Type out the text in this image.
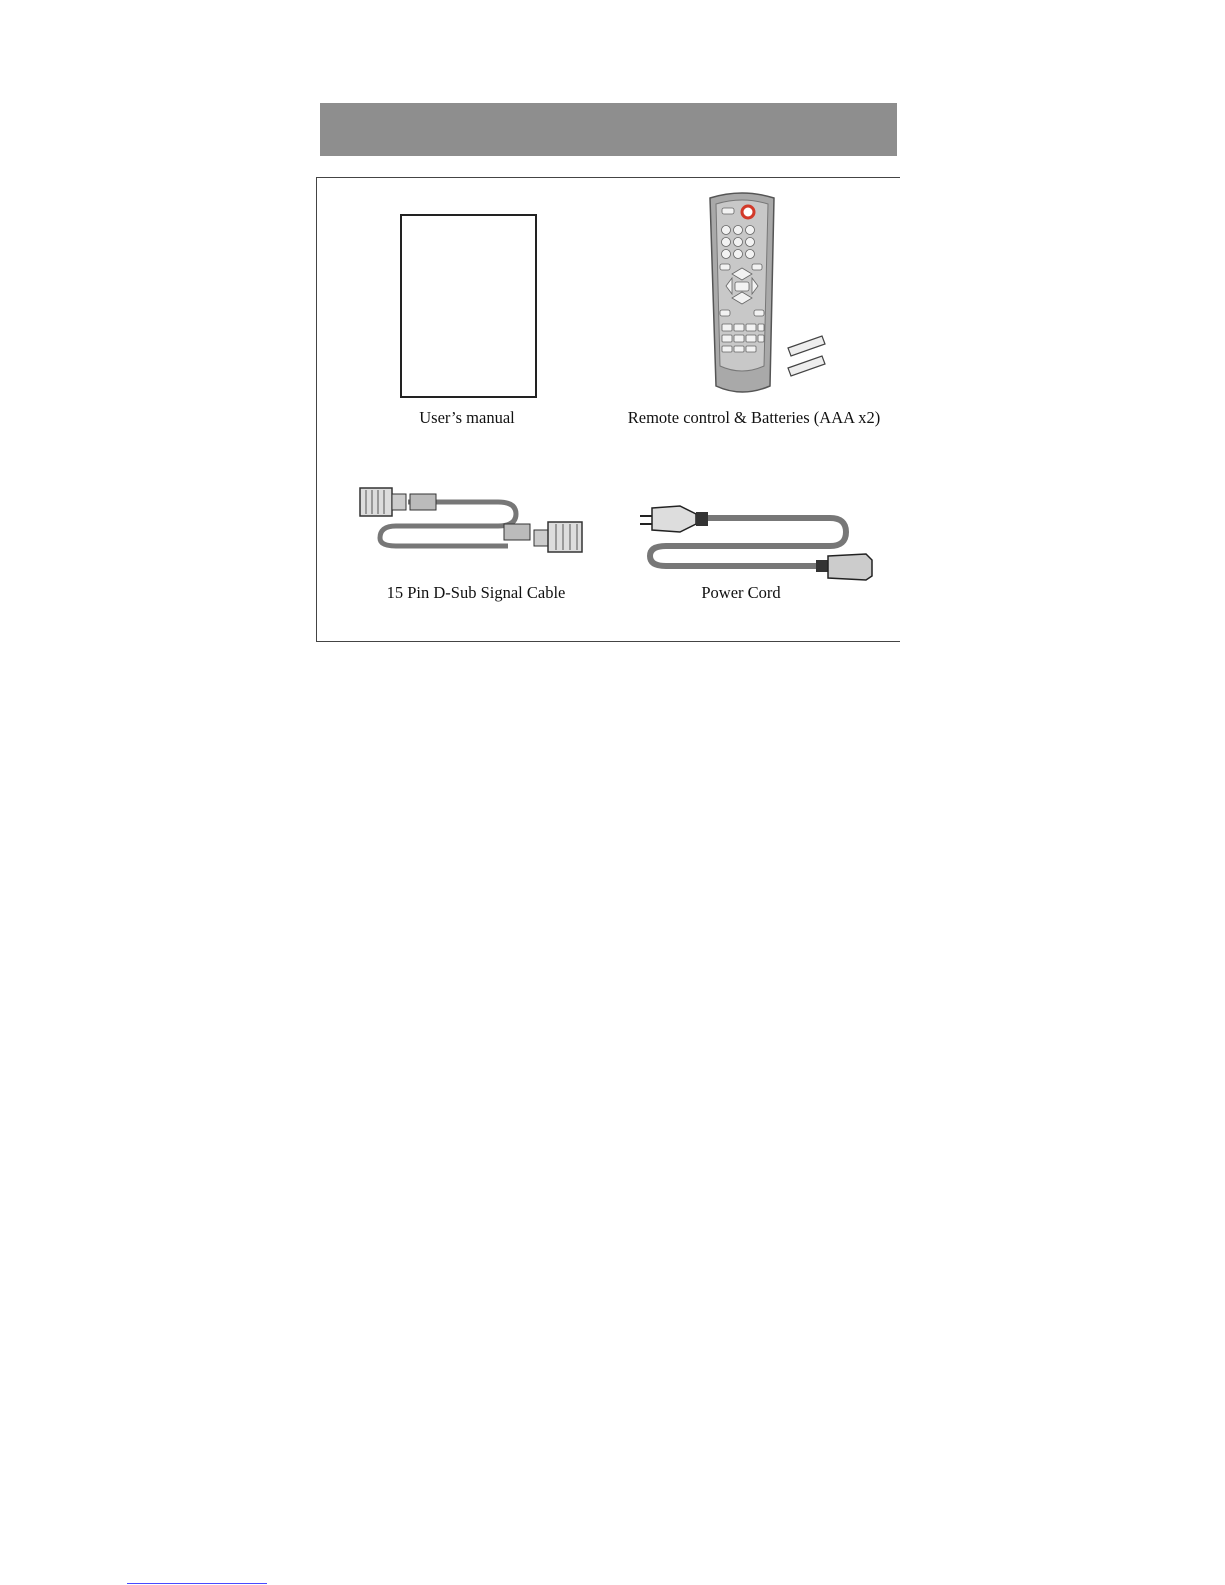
User’s manual	Remote control & Batteries (AAA x2)
15 Pin D-Sub Signal Cable	Power Cord
